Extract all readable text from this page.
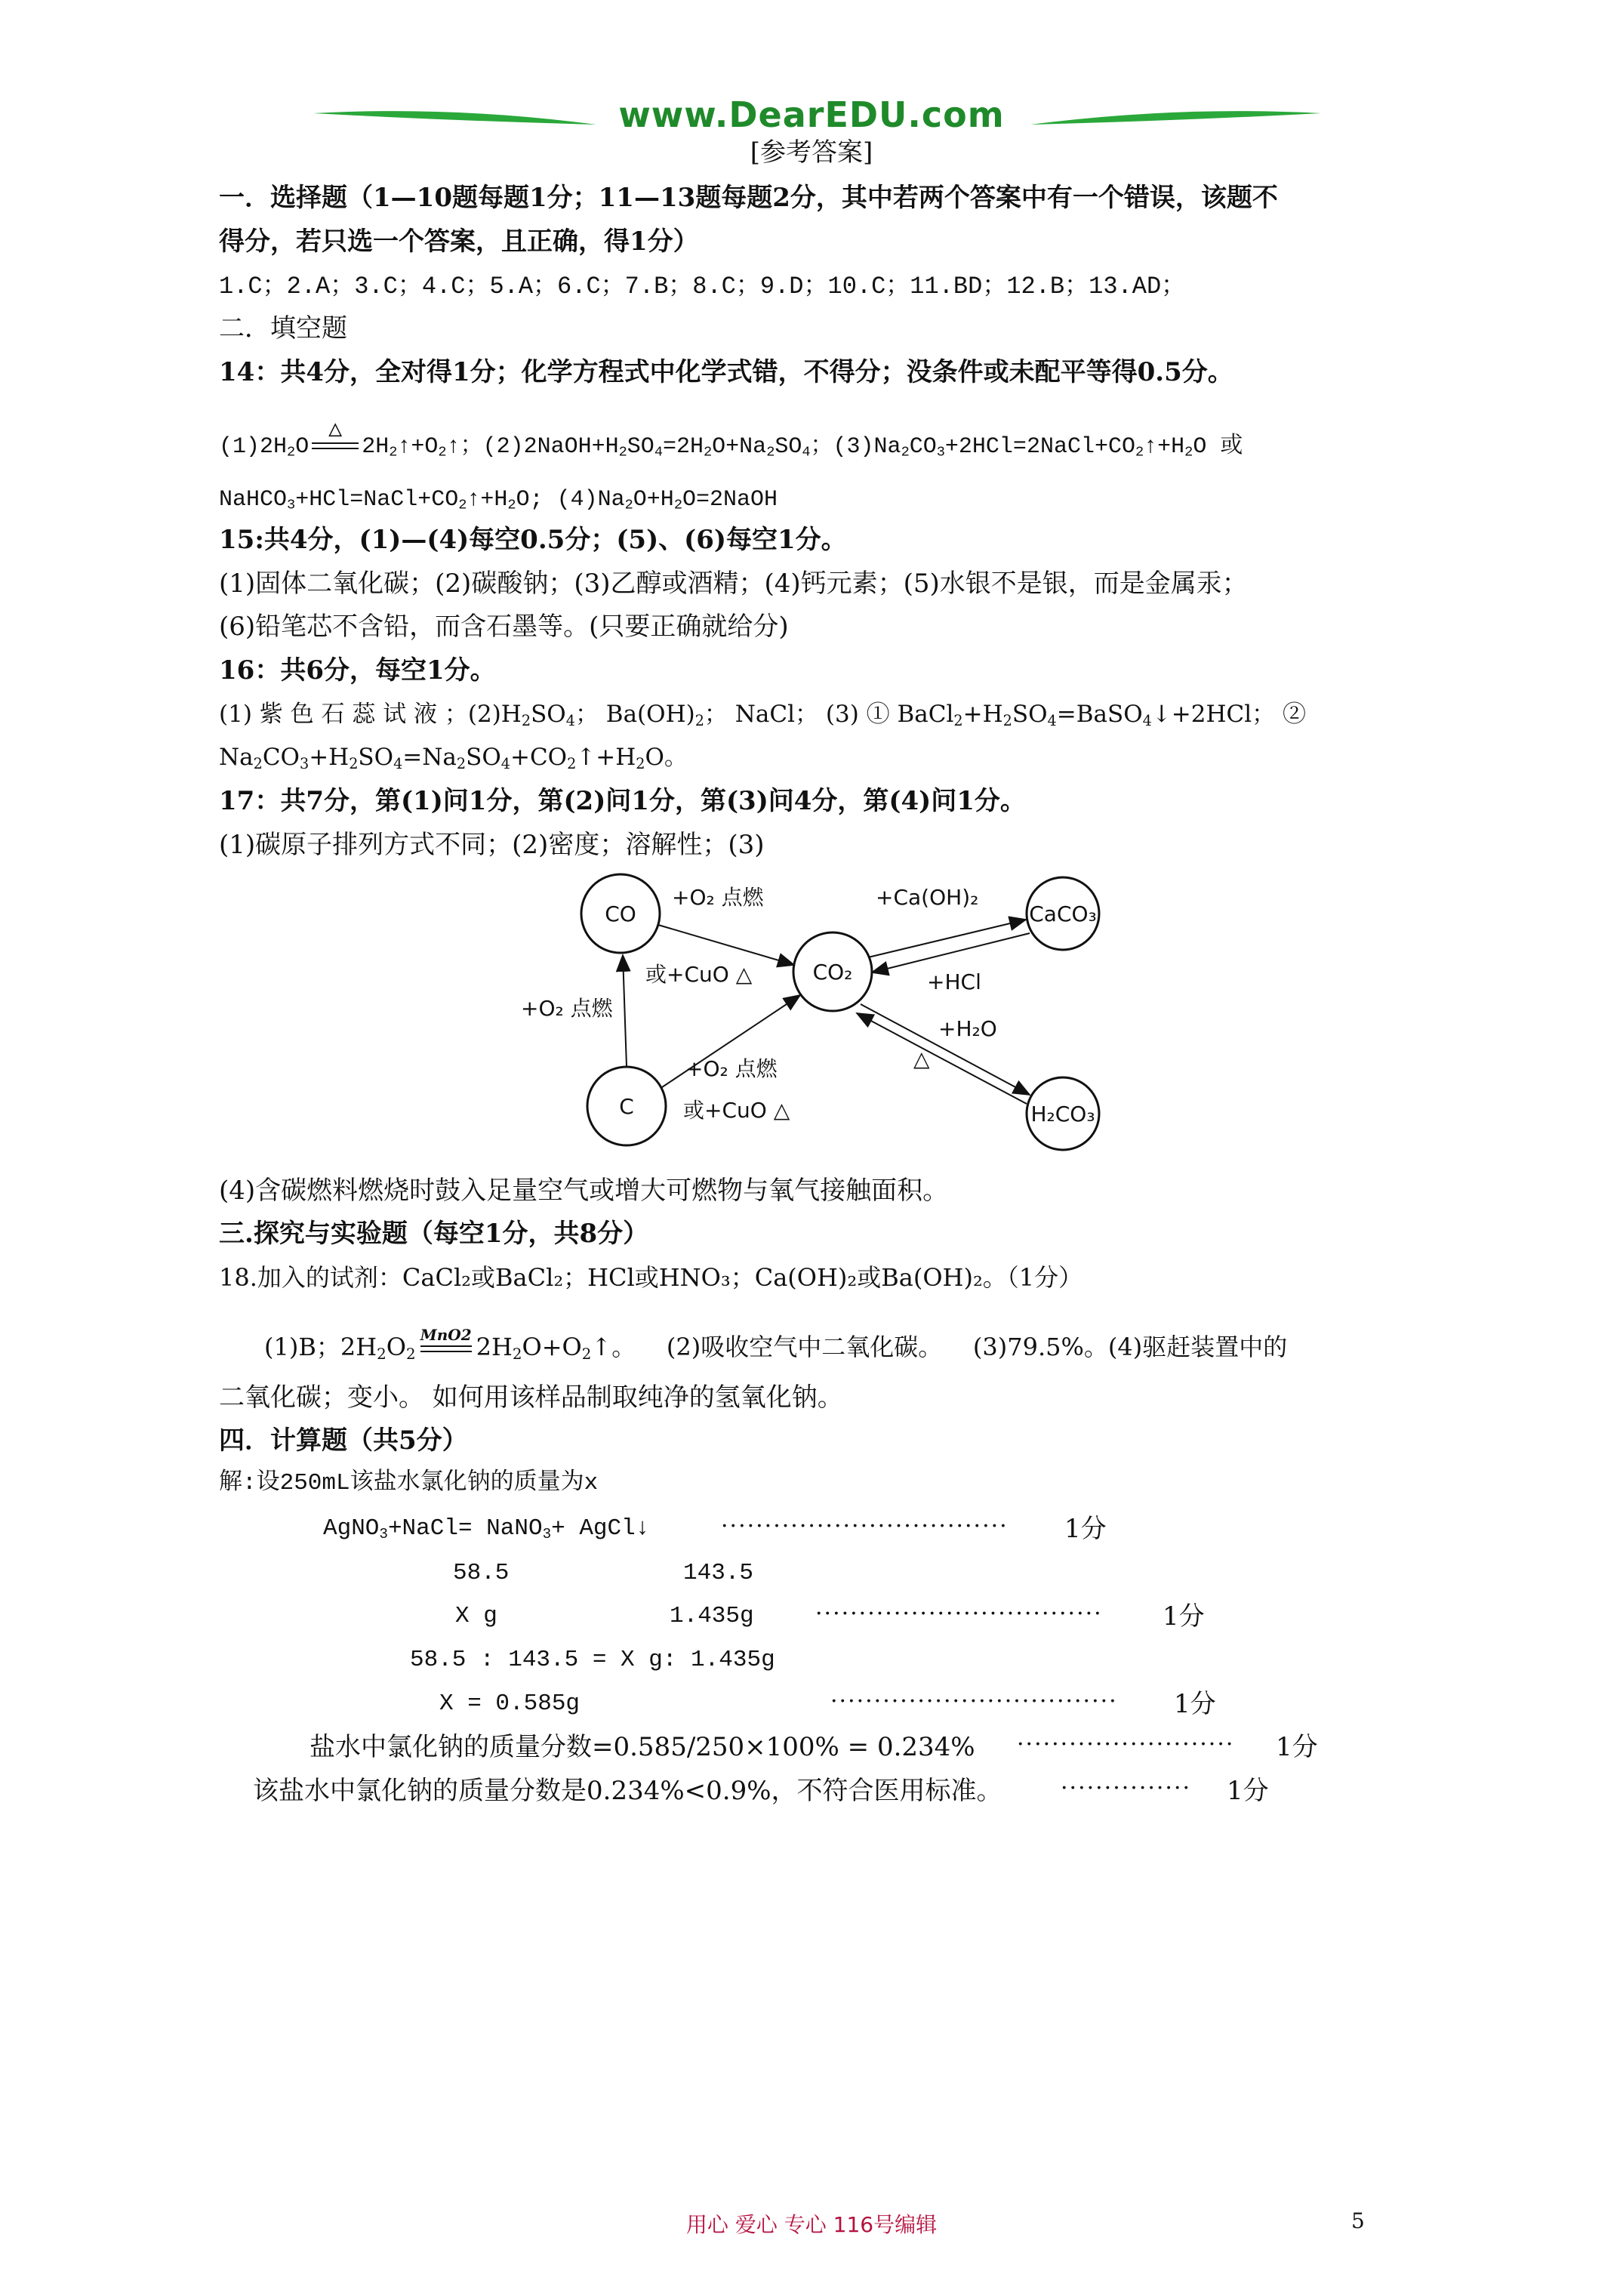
www.DearEDU.com
[参考答案]
一．选择题（1—10题每题1分；11—13题每题2分，其中若两个答案中有一个错误，该题不
得分，若只选一个答案，且正确，得1分）
1.C；2.A；3.C；4.C；5.A；6.C；7.B；8.C；9.D；10.C；11.BD；12.B；13.AD；
二．填空题
14：共4分，全对得1分；化学方程式中化学式错，不得分；没条件或未配平等得0.5分。
$(1)2H_2O$
△
$2H_2↑+O_2↑$；$(2)2NaOH+H_2SO_4=2H_2O+Na_2SO_4$；$(3)Na_2CO_3+2HCl=2NaCl+CO_2↑+H_2O$ 或
$NaHCO_3+HCl=NaCl+CO_2↑+H_2O$; $(4)Na_2O+H_2O=2NaOH$
15:共4分，(1)—(4)每空0.5分；(5)、(6)每空1分。
(1)固体二氧化碳；(2)碳酸钠；(3)乙醇或酒精；(4)钙元素；(5)水银不是银，而是金属汞；
(6)铅笔芯不含铅，而含石墨等。(只要正确就给分)
16：共6分，每空1分。
(1) 紫 色 石 蕊 试 液 ；$(2)H_2SO_4$； $Ba(OH)_2$； NaCl； (3) ① $BaCl_2+H_2SO_4=BaSO_4↓+2HCl$； ②
$Na_2CO_3+H_2SO_4=Na_2SO_4+CO_2↑+H_2O$。
17：共7分，第(1)问1分，第(2)问1分，第(3)问4分，第(4)问1分。
(1)碳原子排列方式不同；(2)密度；溶解性；(3)
CO
CO₂
CaCO₃
C	H₂CO₃
+O₂ 点燃
或+CuO △
+Ca(OH)₂
+HCl
+O₂ 点燃
+O₂ 点燃
或+CuO △
+H₂O
△
(4)含碳燃料燃烧时鼓入足量空气或增大可燃物与氧气接触面积。
三.探究与实验题（每空1分，共8分）
18.加入的试剂：CaCl₂或BaCl₂；HCl或HNO₃；Ca(OH)₂或Ba(OH)₂。（1分）
(1)B；$2H_2O_2$
MnO2 $2H_2O+O_2↑$。    (2)吸收空气中二氧化碳。    (3)79.5%。(4)驱赶装置中的
二氧化碳；变小。 如何用该样品制取纯净的氢氧化钠。
四．计算题（共5分）
解:设250mL该盐水氯化钠的质量为x
AgNO$_3$+NaCl= NaNO$_3$+ AgCl↓	································· 1分
58.5	143.5
X g	1.435g	································· 1分
58.5 : 143.5 = X g: 1.435g
X = 0.585g	································· 1分
盐水中氯化钠的质量分数=0.585/250×100% = 0.234% ························· 1分
该盐水中氯化钠的质量分数是0.234%<0.9%，不符合医用标准。	··············· 1分
用心 爱心 专心 116号编辑	5
